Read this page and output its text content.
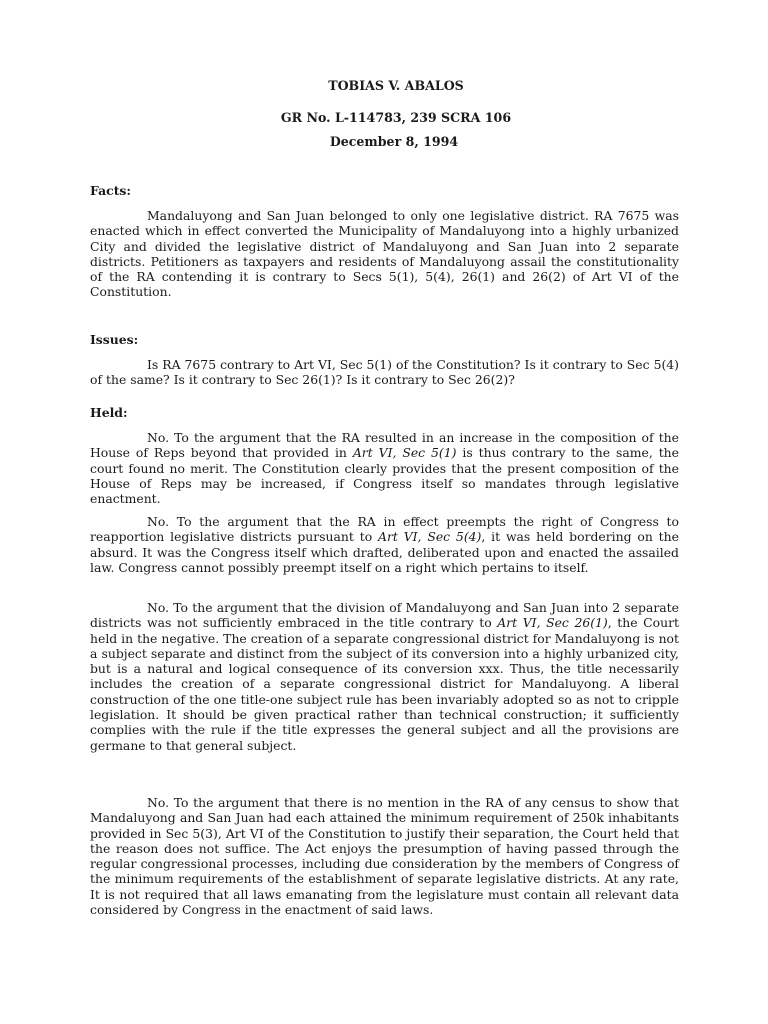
TOBIAS V. ABALOS
GR No. L-114783, 239 SCRA 106
December 8, 1994
Facts:

Mandaluyong and San Juan belonged to only one legislative district. RA 7675 was enacted which in effect converted the Municipality of Mandaluyong into a highly urbanized City and divided the legislative district of Mandaluyong and San Juan into 2 separate districts. Petitioners as taxpayers and residents of Mandaluyong assail the constitutionality of the RA contending it is contrary to Secs 5(1), 5(4), 26(1) and 26(2) of Art VI of the Constitution.

Issues:

Is RA 7675 contrary to Art VI, Sec 5(1) of the Constitution? Is it contrary to Sec 5(4) of the same? Is it contrary to Sec 26(1)? Is it contrary to Sec 26(2)?

Held:

No. To the argument that the RA resulted in an increase in the composition of the House of Reps beyond that provided in Art VI, Sec 5(1) is thus contrary to the same, the court found no merit. The Constitution clearly provides that the present composition of the House of Reps may be increased, if Congress itself so mandates through legislative enactment.

No. To the argument that the RA in effect preempts the right of Congress to reapportion legislative districts pursuant to Art VI, Sec 5(4), it was held bordering on the absurd. It was the Congress itself which drafted, deliberated upon and enacted the assailed law. Congress cannot possibly preempt itself on a right which pertains to itself.

No. To the argument that the division of Mandaluyong and San Juan into 2 separate districts was not sufficiently embraced in the title contrary to Art VI, Sec 26(1), the Court held in the negative. The creation of a separate congressional district for Mandaluyong is not a subject separate and distinct from the subject of its conversion into a highly urbanized city, but is a natural and logical consequence of its conversion xxx. Thus, the title necessarily includes the creation of a separate congressional district for Mandaluyong. A liberal construction of the one title-one subject rule has been invariably adopted so as not to cripple legislation. It should be given practical rather than technical construction; it sufficiently complies with the rule if the title expresses the general subject and all the provisions are germane to that general subject.

No. To the argument that there is no mention in the RA of any census to show that Mandaluyong and San Juan had each attained the minimum requirement of 250k inhabitants provided in Sec 5(3), Art VI of the Constitution to justify their separation, the Court held that the reason does not suffice. The Act enjoys the presumption of having passed through the regular congressional processes, including due consideration by the members of Congress of the minimum requirements of the establishment of separate legislative districts. At any rate, It is not required that all laws emanating from the legislature must contain all relevant data considered by Congress in the enactment of said laws.
